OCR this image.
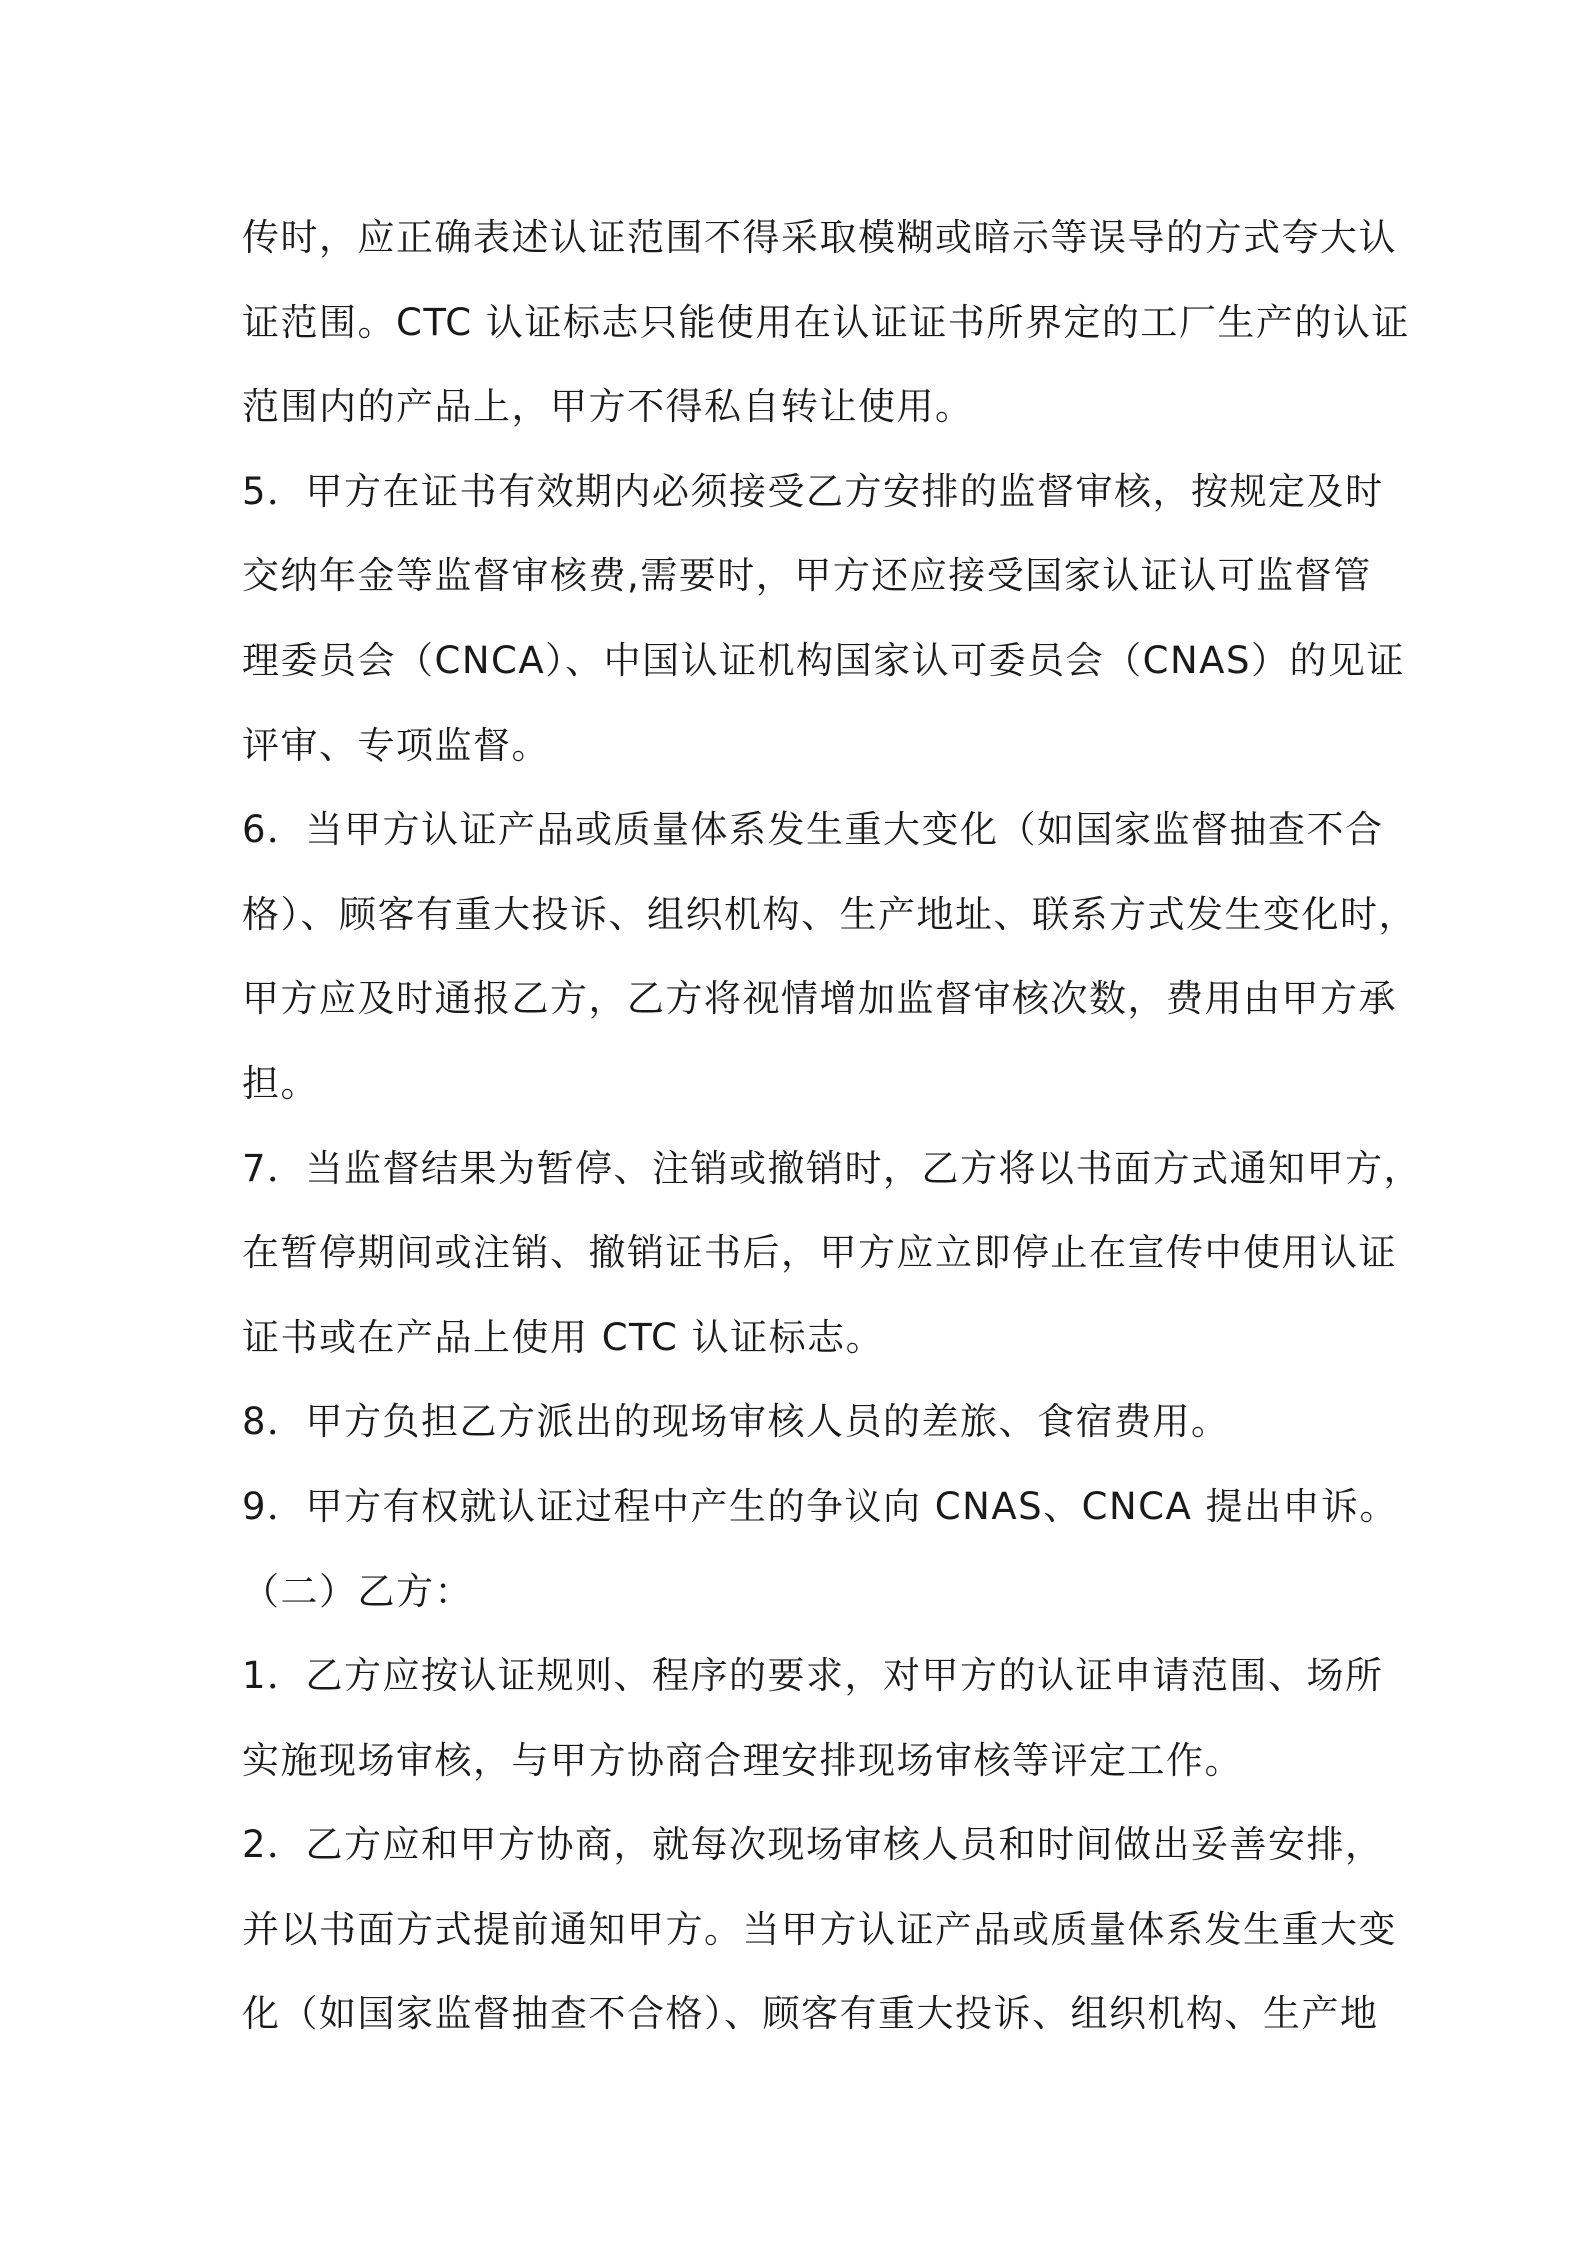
传时，应正确表述认证范围不得采取模糊或暗示等误导的方式夸大认
证范围。CTC 认证标志只能使用在认证证书所界定的工厂生产的认证
范围内的产品上，甲方不得私自转让使用。
5．甲方在证书有效期内必须接受乙方安排的监督审核，按规定及时
交纳年金等监督审核费,需要时，甲方还应接受国家认证认可监督管
理委员会（CNCA）、中国认证机构国家认可委员会（CNAS）的见证
评审、专项监督。
6．当甲方认证产品或质量体系发生重大变化（如国家监督抽查不合
格）、顾客有重大投诉、组织机构、生产地址、联系方式发生变化时，
甲方应及时通报乙方，乙方将视情增加监督审核次数，费用由甲方承
担。
7．当监督结果为暂停、注销或撤销时，乙方将以书面方式通知甲方，
在暂停期间或注销、撤销证书后，甲方应立即停止在宣传中使用认证
证书或在产品上使用 CTC 认证标志。
8．甲方负担乙方派出的现场审核人员的差旅、食宿费用。
9．甲方有权就认证过程中产生的争议向 CNAS、CNCA 提出申诉。
（二）乙方：
1．乙方应按认证规则、程序的要求，对甲方的认证申请范围、场所
实施现场审核，与甲方协商合理安排现场审核等评定工作。
2．乙方应和甲方协商，就每次现场审核人员和时间做出妥善安排，
并以书面方式提前通知甲方。当甲方认证产品或质量体系发生重大变
化（如国家监督抽查不合格）、顾客有重大投诉、组织机构、生产地
